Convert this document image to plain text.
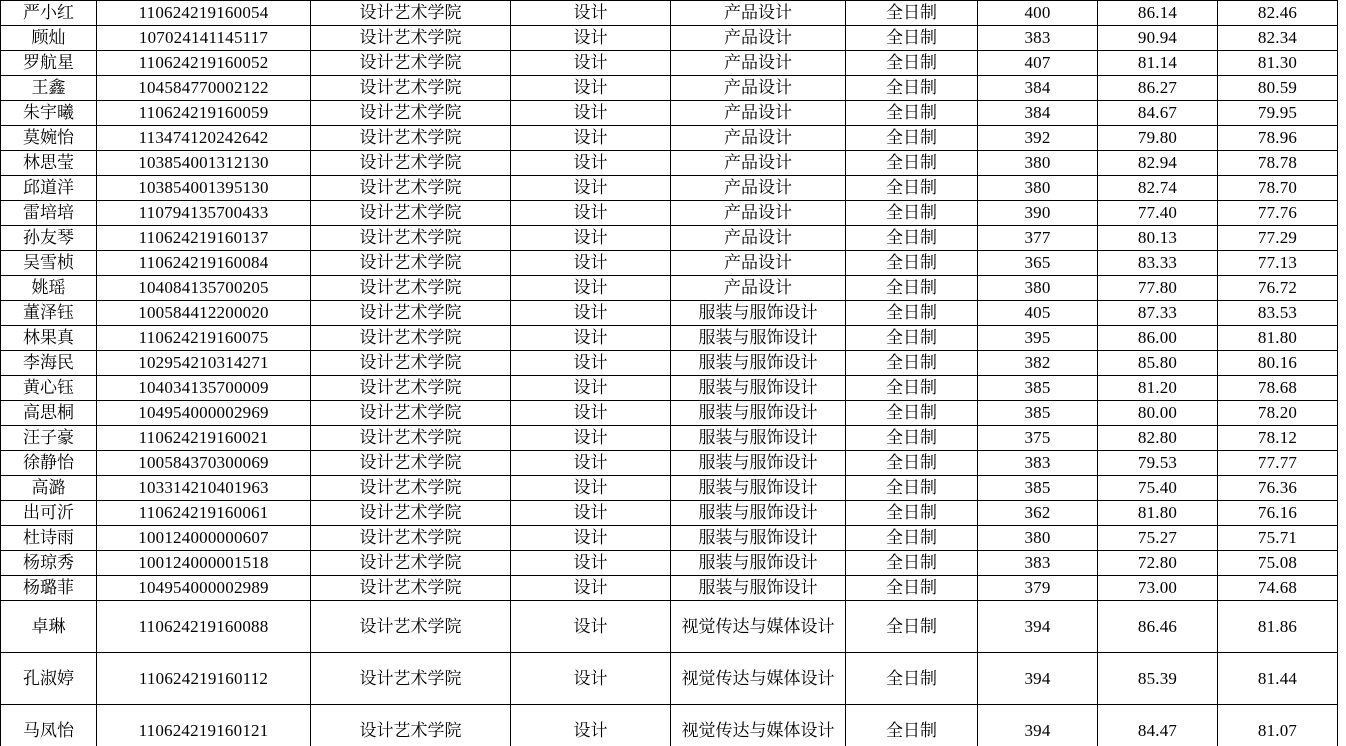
严小红	110624219160054	设计艺术学院	设计	产品设计	全日制	400	86.14	82.46

顾灿	107024141145117	设计艺术学院	设计	产品设计	全日制	383	90.94	82.34

罗航星	110624219160052	设计艺术学院	设计	产品设计	全日制	407	81.14	81.30

王鑫	104584770002122	设计艺术学院	设计	产品设计	全日制	384	86.27	80.59

朱宇曦	110624219160059	设计艺术学院	设计	产品设计	全日制	384	84.67	79.95

莫婉怡	113474120242642	设计艺术学院	设计	产品设计	全日制	392	79.80	78.96

林思莹	103854001312130	设计艺术学院	设计	产品设计	全日制	380	82.94	78.78

邱道洋	103854001395130	设计艺术学院	设计	产品设计	全日制	380	82.74	78.70

雷培培	110794135700433	设计艺术学院	设计	产品设计	全日制	390	77.40	77.76

孙友琴	110624219160137	设计艺术学院	设计	产品设计	全日制	377	80.13	77.29

吴雪桢	110624219160084	设计艺术学院	设计	产品设计	全日制	365	83.33	77.13

姚瑶	104084135700205	设计艺术学院	设计	产品设计	全日制	380	77.80	76.72

董泽钰	100584412200020	设计艺术学院	设计	服装与服饰设计	全日制	405	87.33	83.53

林果真	110624219160075	设计艺术学院	设计	服装与服饰设计	全日制	395	86.00	81.80

李海民	102954210314271	设计艺术学院	设计	服装与服饰设计	全日制	382	85.80	80.16

黄心钰	104034135700009	设计艺术学院	设计	服装与服饰设计	全日制	385	81.20	78.68

高思桐	104954000002969	设计艺术学院	设计	服装与服饰设计	全日制	385	80.00	78.20

汪子豪	110624219160021	设计艺术学院	设计	服装与服饰设计	全日制	375	82.80	78.12

徐静怡	100584370300069	设计艺术学院	设计	服装与服饰设计	全日制	383	79.53	77.77

高潞	103314210401963	设计艺术学院	设计	服装与服饰设计	全日制	385	75.40	76.36

出可沂	110624219160061	设计艺术学院	设计	服装与服饰设计	全日制	362	81.80	76.16

杜诗雨	100124000000607	设计艺术学院	设计	服装与服饰设计	全日制	380	75.27	75.71

杨琼秀	100124000001518	设计艺术学院	设计	服装与服饰设计	全日制	383	72.80	75.08

杨璐菲	104954000002989	设计艺术学院	设计	服装与服饰设计	全日制	379	73.00	74.68

卓琳	110624219160088	设计艺术学院	设计	视觉传达与媒体设计	全日制	394	86.46	81.86

孔淑婷	110624219160112	设计艺术学院	设计	视觉传达与媒体设计	全日制	394	85.39	81.44

马凤怡	110624219160121	设计艺术学院	设计	视觉传达与媒体设计	全日制	394	84.47	81.07
